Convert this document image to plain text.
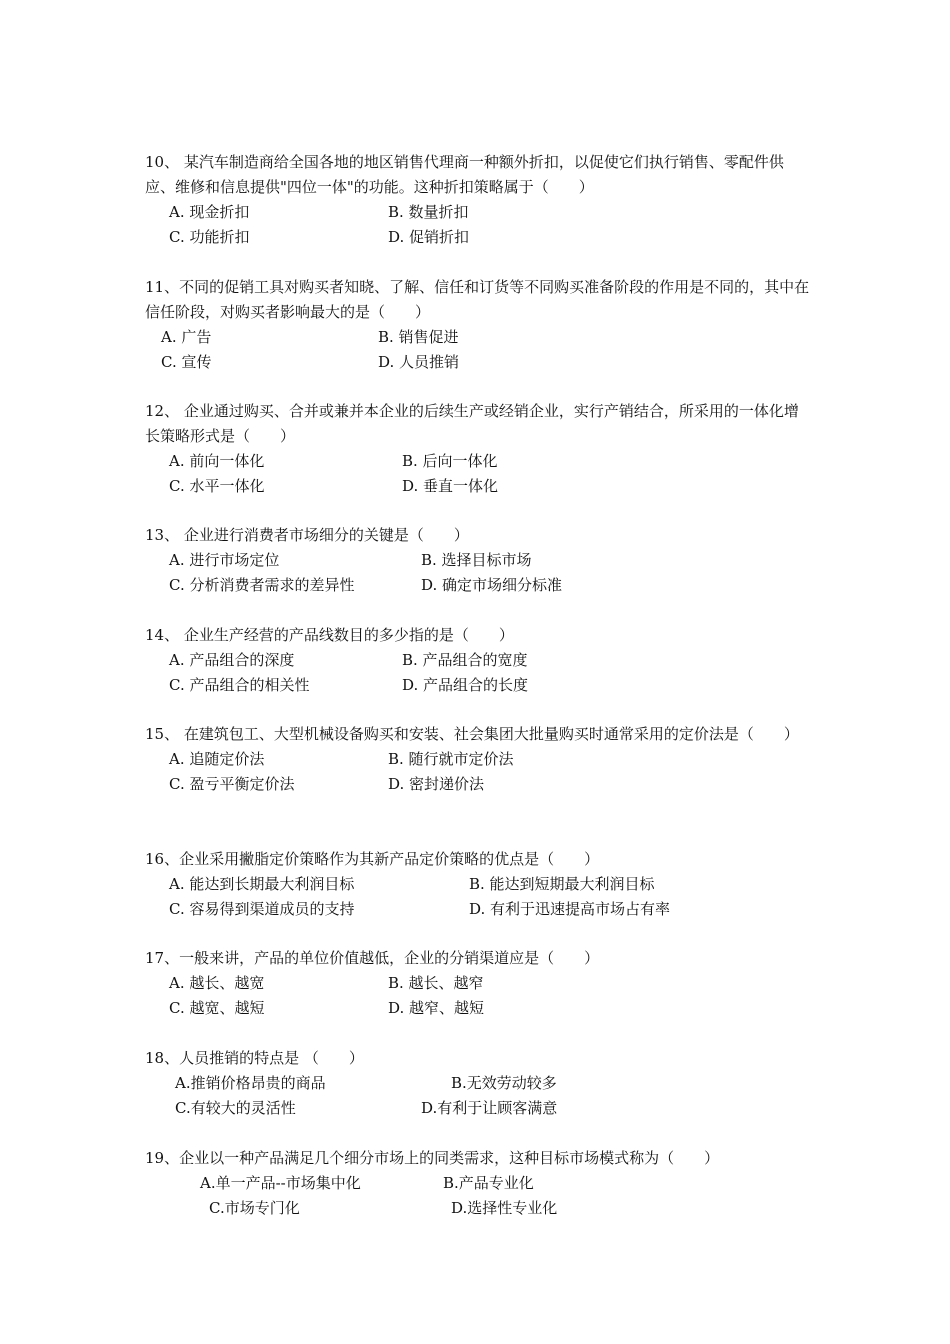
10、 某汽车制造商给全国各地的地区销售代理商一种额外折扣，以促使它们执行销售、零配件供应、维修和信息提供"四位一体"的功能。这种折扣策略属于（　　）
A. 现金折扣	B. 数量折扣
C. 功能折扣	D. 促销折扣
11、不同的促销工具对购买者知晓、了解、信任和订货等不同购买准备阶段的作用是不同的，其中在信任阶段，对购买者影响最大的是（　　）
A. 广告	B. 销售促进
C. 宣传	D. 人员推销
12、 企业通过购买、合并或兼并本企业的后续生产或经销企业，实行产销结合，所采用的一体化增长策略形式是（　　）
A. 前向一体化	B. 后向一体化
C. 水平一体化	D. 垂直一体化
13、 企业进行消费者市场细分的关键是（　　）
A. 进行市场定位	B. 选择目标市场
C. 分析消费者需求的差异性	D. 确定市场细分标准
14、 企业生产经营的产品线数目的多少指的是（　　）
A. 产品组合的深度	B. 产品组合的宽度
C. 产品组合的相关性	D. 产品组合的长度
15、 在建筑包工、大型机械设备购买和安装、社会集团大批量购买时通常采用的定价法是（　　）
A. 追随定价法	B. 随行就市定价法
C. 盈亏平衡定价法	D. 密封递价法
16、企业采用撇脂定价策略作为其新产品定价策略的优点是（　　）
A. 能达到长期最大利润目标	B. 能达到短期最大利润目标
C. 容易得到渠道成员的支持	D. 有利于迅速提高市场占有率
17、一般来讲，产品的单位价值越低，企业的分销渠道应是（　　）
A. 越长、越宽	B. 越长、越窄
C. 越宽、越短	D. 越窄、越短
18、人员推销的特点是 （　　）
A.推销价格昂贵的商品	B.无效劳动较多
C.有较大的灵活性	D.有利于让顾客满意
19、企业以一种产品满足几个细分市场上的同类需求，这种目标市场模式称为（　　）
A.单一产品--市场集中化	B.产品专业化
C.市场专门化	D.选择性专业化
